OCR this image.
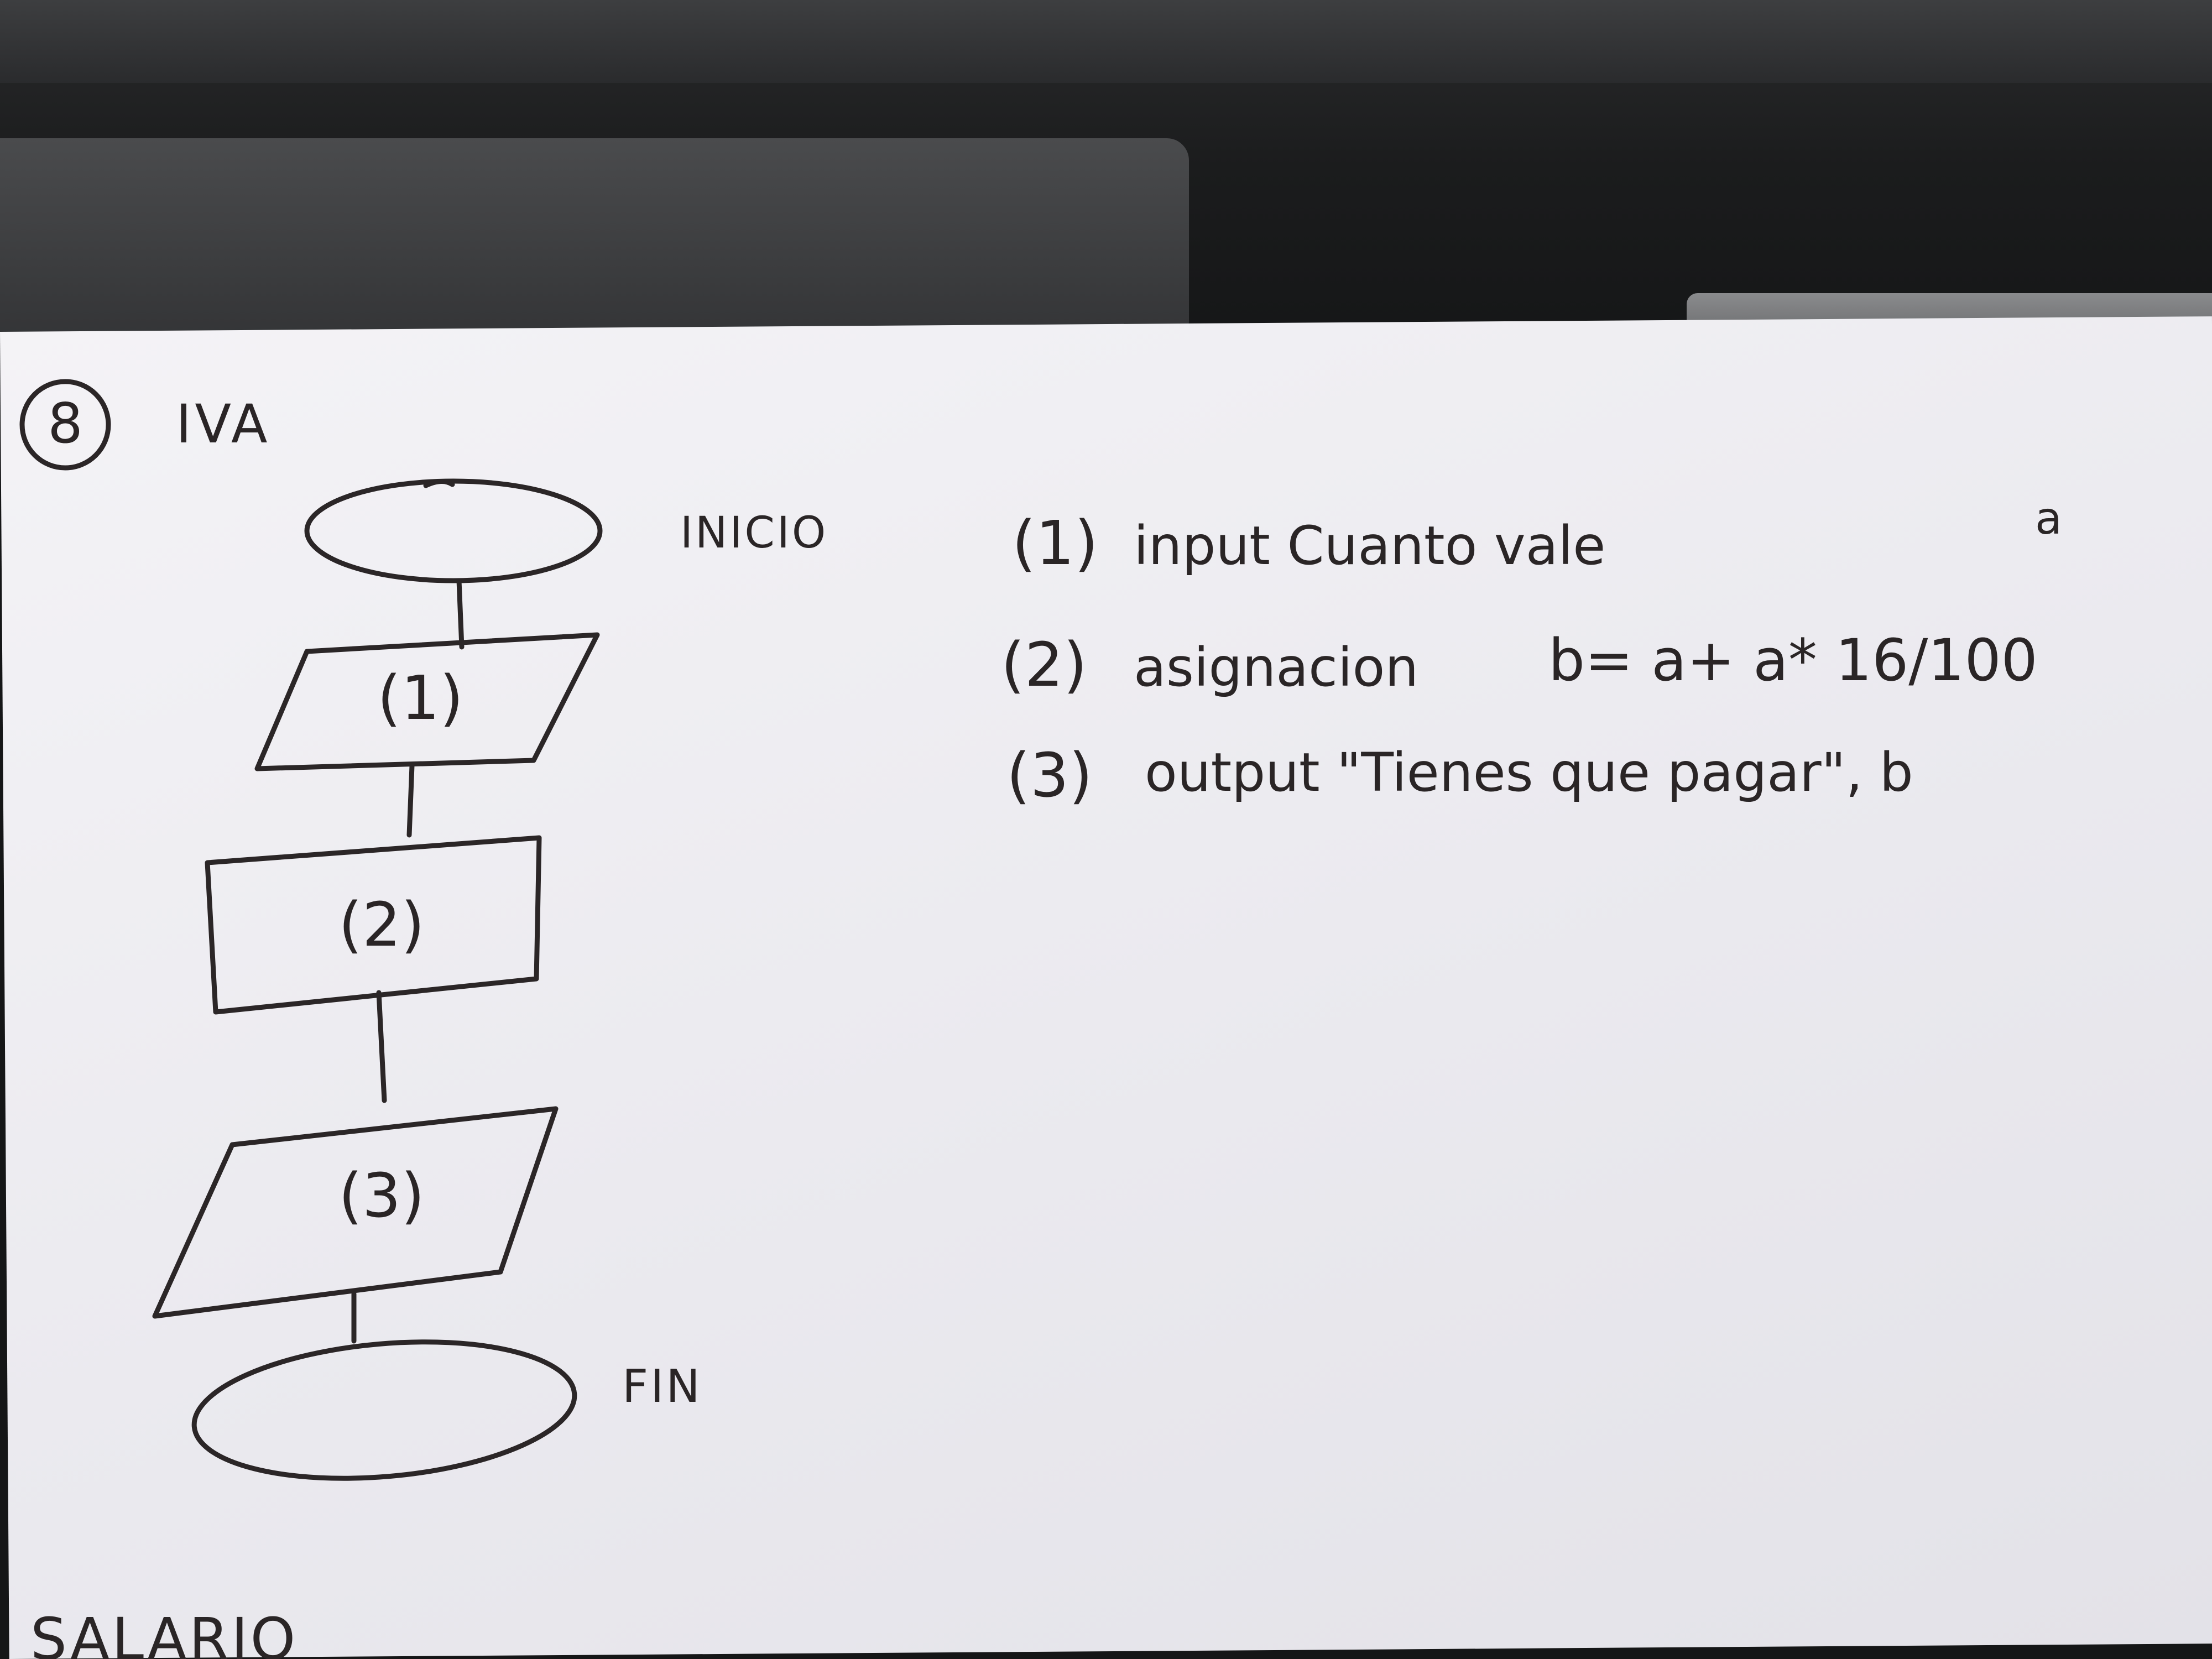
8 IVA
INICIO
(1)
(2)
(3)
FIN
(1) input Cuanto vale	a
(2) asignacion b= a+ a* 16/100
(3) output "Tienes que pagar", b
SALARIO
